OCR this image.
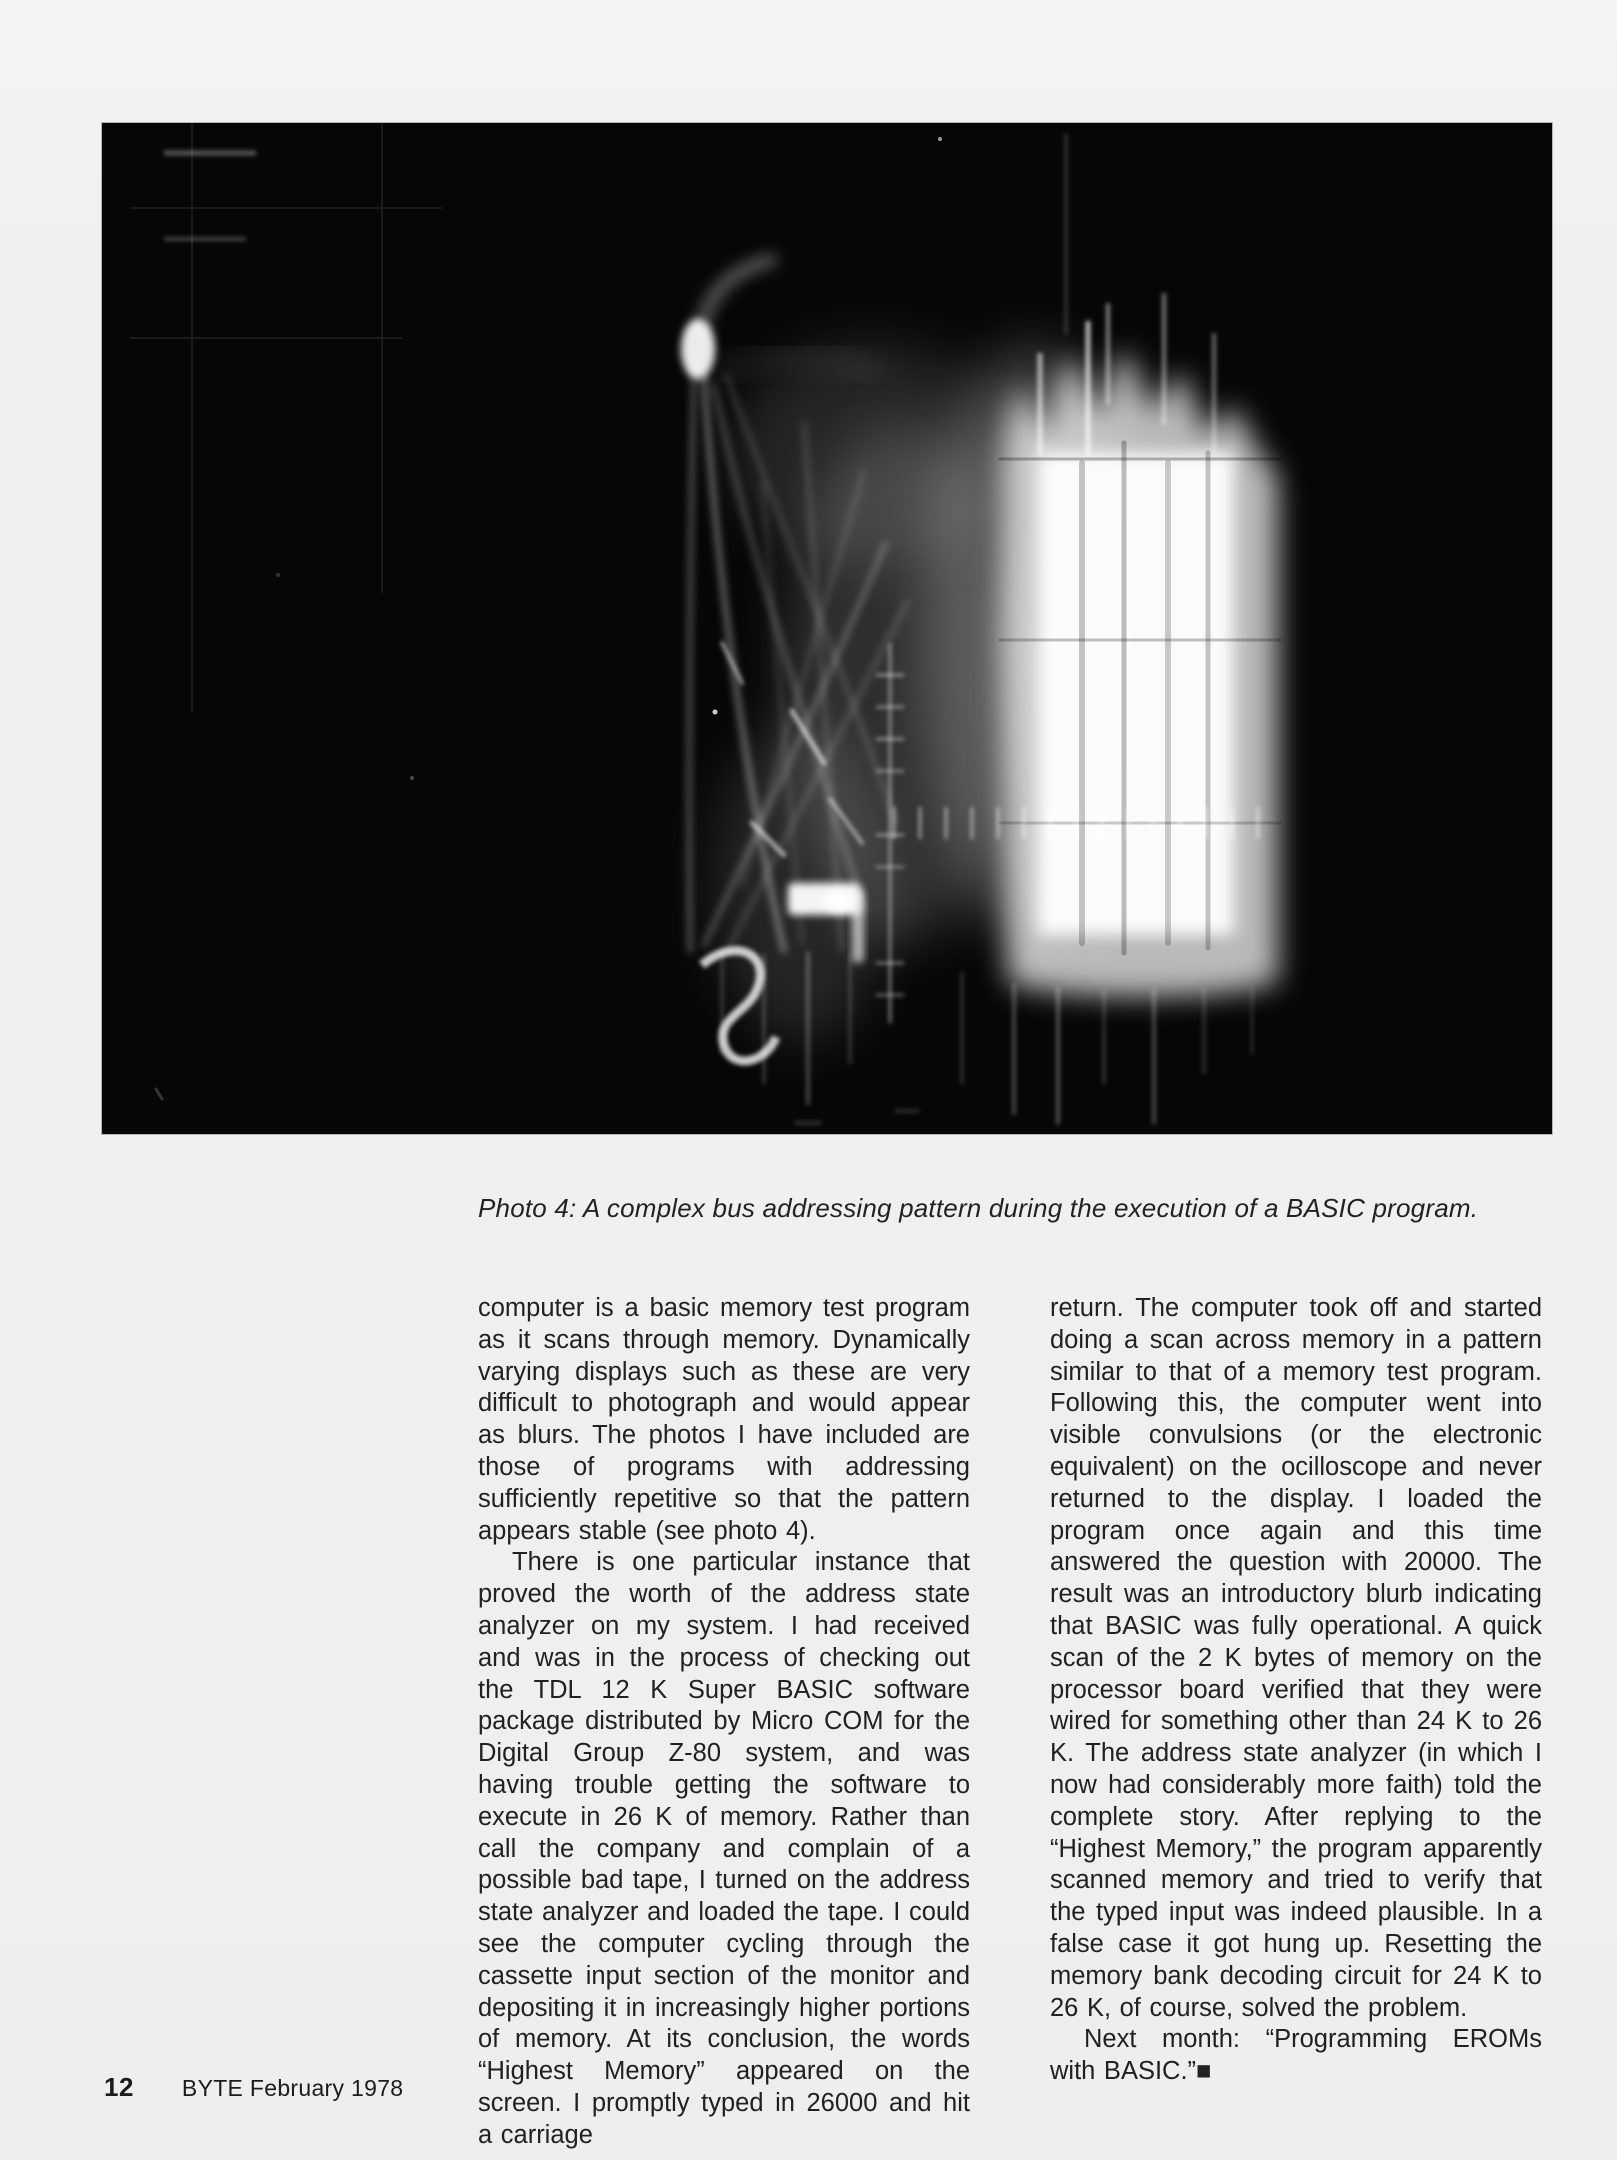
Photo 4: A complex bus addressing pattern during the execution of a BASIC program.

computer is a basic memory test program as it scans through memory. Dynamically varying displays such as these are very difficult to photograph and would appear as blurs. The photos I have included are those of programs with addressing sufficiently repetitive so that the pattern appears stable (see photo 4).

There is one particular instance that proved the worth of the address state analyzer on my system. I had received and was in the process of checking out the TDL 12 K Super BASIC software package distributed by Micro COM for the Digital Group Z-80 system, and was having trouble getting the software to execute in 26 K of memory. Rather than call the company and complain of a possible bad tape, I turned on the address state analyzer and loaded the tape. I could see the computer cycling through the cassette input section of the monitor and depositing it in increasingly higher portions of memory. At its conclusion, the words “Highest Memory” appeared on the screen. I promptly typed in 26000 and hit a carriage

return. The computer took off and started doing a scan across memory in a pattern similar to that of a memory test program. Following this, the computer went into visible convulsions (or the electronic equivalent) on the ocilloscope and never returned to the display. I loaded the program once again and this time answered the question with 20000. The result was an introductory blurb indicating that BASIC was fully operational. A quick scan of the 2 K bytes of memory on the processor board verified that they were wired for something other than 24 K to 26 K. The address state analyzer (in which I now had considerably more faith) told the complete story. After replying to the “Highest Memory,” the program apparently scanned memory and tried to verify that the typed input was indeed plausible. In a false case it got hung up. Resetting the memory bank decoding circuit for 24 K to 26 K, of course, solved the problem.

Next month: “Programming EROMs with BASIC.”■

12 BYTE February 1978
